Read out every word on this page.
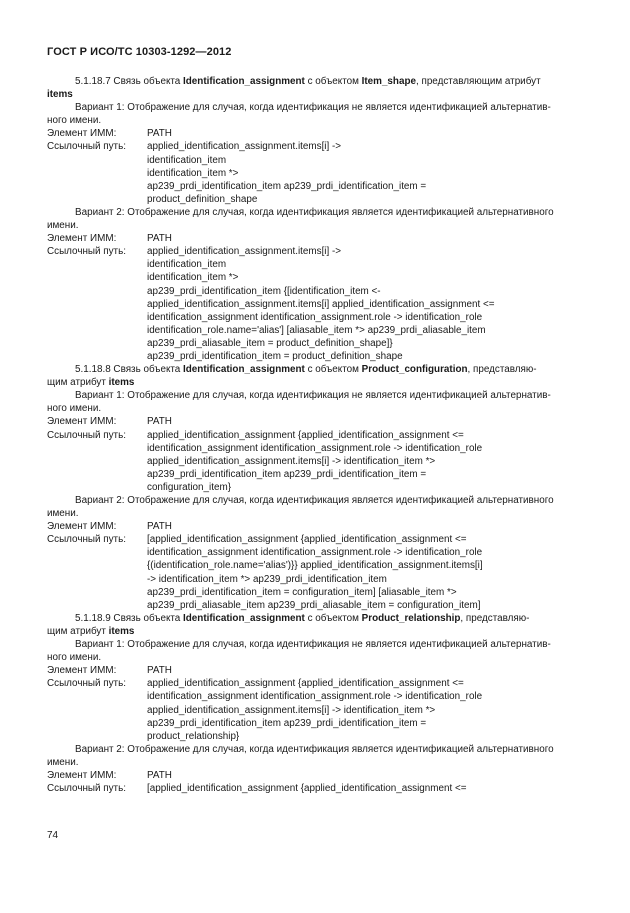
ГОСТ Р ИСО/ТС 10303-1292—2012

5.1.18.7 Связь объекта Identification_assignment с объектом Item_shape, представляющим атрибут

items

Вариант 1: Отображение для случая, когда идентификация не является идентификацией альтернатив-

ного имени.
Элемент ИММ:	PATH
Ссылочный путь:	applied_identification_assignment.items[i] ->
identification_item
identification_item *>
ap239_prdi_identification_item ap239_prdi_identification_item =
product_definition_shape

Вариант 2: Отображение для случая, когда идентификация является идентификацией альтернативного

имени.
Элемент ИММ:	PATH
Ссылочный путь:	applied_identification_assignment.items[i] ->
identification_item
identification_item *>
ap239_prdi_identification_item {[identification_item <-
applied_identification_assignment.items[i] applied_identification_assignment <=
identification_assignment identification_assignment.role -> identification_role
identification_role.name='alias'] [aliasable_item *> ap239_prdi_aliasable_item
ap239_prdi_aliasable_item = product_definition_shape]}
ap239_prdi_identification_item = product_definition_shape

5.1.18.8 Связь объекта Identification_assignment с объектом Product_configuration, представляю-

щим атрибут items

Вариант 1: Отображение для случая, когда идентификация не является идентификацией альтернатив-

ного имени.
Элемент ИММ:	PATH
Ссылочный путь:	applied_identification_assignment {applied_identification_assignment <=
identification_assignment identification_assignment.role -> identification_role
applied_identification_assignment.items[i] -> identification_item *>
ap239_prdi_identification_item ap239_prdi_identification_item =
configuration_item}

Вариант 2: Отображение для случая, когда идентификация является идентификацией альтернативного

имени.
Элемент ИММ:	PATH
Ссылочный путь:	[applied_identification_assignment {applied_identification_assignment <=
identification_assignment identification_assignment.role -> identification_role
{(identification_role.name='alias')}} applied_identification_assignment.items[i]
-> identification_item *> ap239_prdi_identification_item
ap239_prdi_identification_item = configuration_item] [aliasable_item *>
ap239_prdi_aliasable_item ap239_prdi_aliasable_item = configuration_item]

5.1.18.9 Связь объекта Identification_assignment с объектом Product_relationship, представляю-

щим атрибут items

Вариант 1: Отображение для случая, когда идентификация не является идентификацией альтернатив-

ного имени.
Элемент ИММ:	PATH
Ссылочный путь:	applied_identification_assignment {applied_identification_assignment <=
identification_assignment identification_assignment.role -> identification_role
applied_identification_assignment.items[i] -> identification_item *>
ap239_prdi_identification_item ap239_prdi_identification_item =
product_relationship}

Вариант 2: Отображение для случая, когда идентификация является идентификацией альтернативного

имени.
Элемент ИММ:	PATH
Ссылочный путь:	[applied_identification_assignment {applied_identification_assignment <=
74
